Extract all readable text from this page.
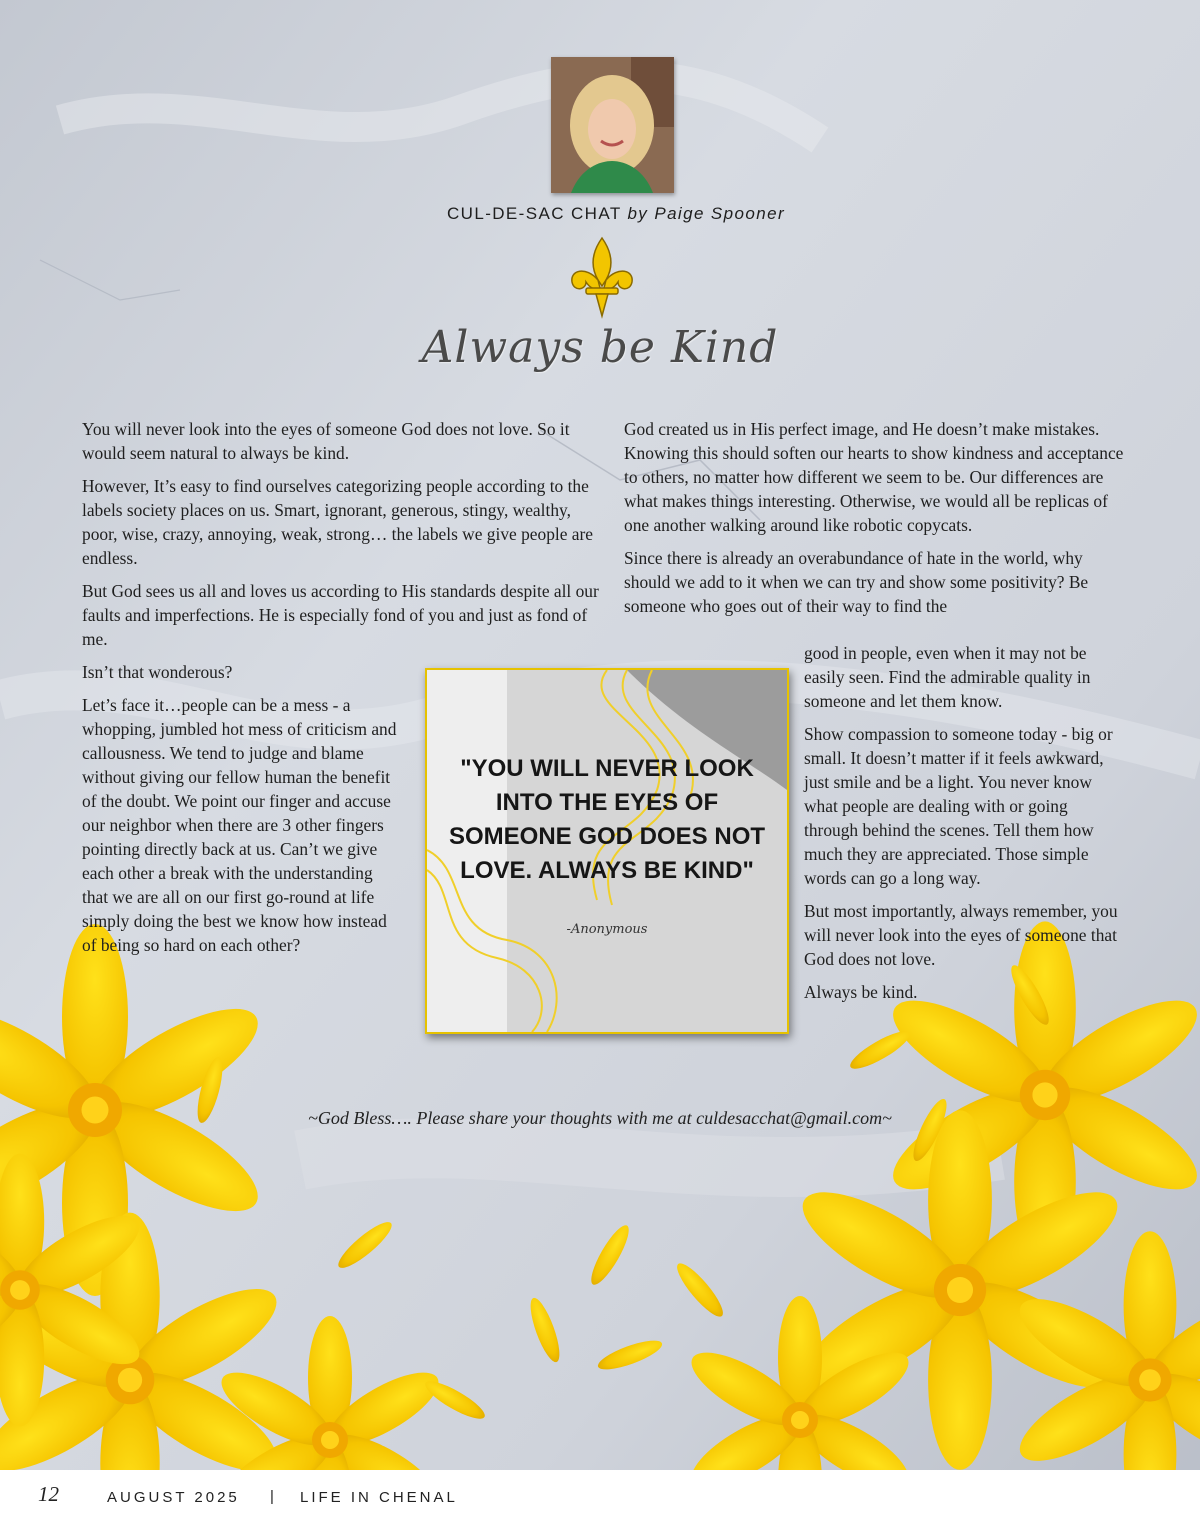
CUL-DE-SAC CHAT by Paige Spooner
Always be Kind

You will never look into the eyes of someone God does not love. So it would seem natural to always be kind.

However, It’s easy to find ourselves categorizing people according to the labels society places on us. Smart, ignorant, generous, stingy, wealthy, poor, wise, crazy, annoying, weak, strong… the labels we give people are endless.

But God sees us all and loves us according to His standards despite all our faults and imperfections. He is especially fond of you and just as fond of me.

Isn’t that wonderous?

Let’s face it…people can be a mess - a whopping, jumbled hot mess of criticism and callousness. We tend to judge and blame without giving our fellow human the benefit of the doubt. We point our finger and accuse our neighbor when there are 3 other fingers pointing directly back at us. Can’t we give each other a break with the understanding that we are all on our first go-round at life simply doing the best we know how instead of being so hard on each other?

God created us in His perfect image, and He doesn’t make mistakes. Knowing this should soften our hearts to show kindness and acceptance to others, no matter how different we seem to be. Our differences are what makes things interesting. Otherwise, we would all be replicas of one another walking around like robotic copycats.

Since there is already an overabundance of hate in the world, why should we add to it when we can try and show some positivity? Be someone who goes out of their way to find the

good in people, even when it may not be easily seen. Find the admirable quality in someone and let them know.

Show compassion to someone today - big or small. It doesn’t matter if it feels awkward, just smile and be a light. You never know what people are dealing with or going through behind the scenes. Tell them how much they are appreciated. Those simple words can go a long way.

But most importantly, always remember, you will never look into the eyes of someone that God does not love.

Always be kind.

"YOU WILL NEVER LOOK INTO THE EYES OF SOMEONE GOD DOES NOT LOVE. ALWAYS BE KIND"
-Anonymous
~God Bless…. Please share your thoughts with me at culdesacchat@gmail.com~
12	AUGUST 2025 | LIFE IN CHENAL
